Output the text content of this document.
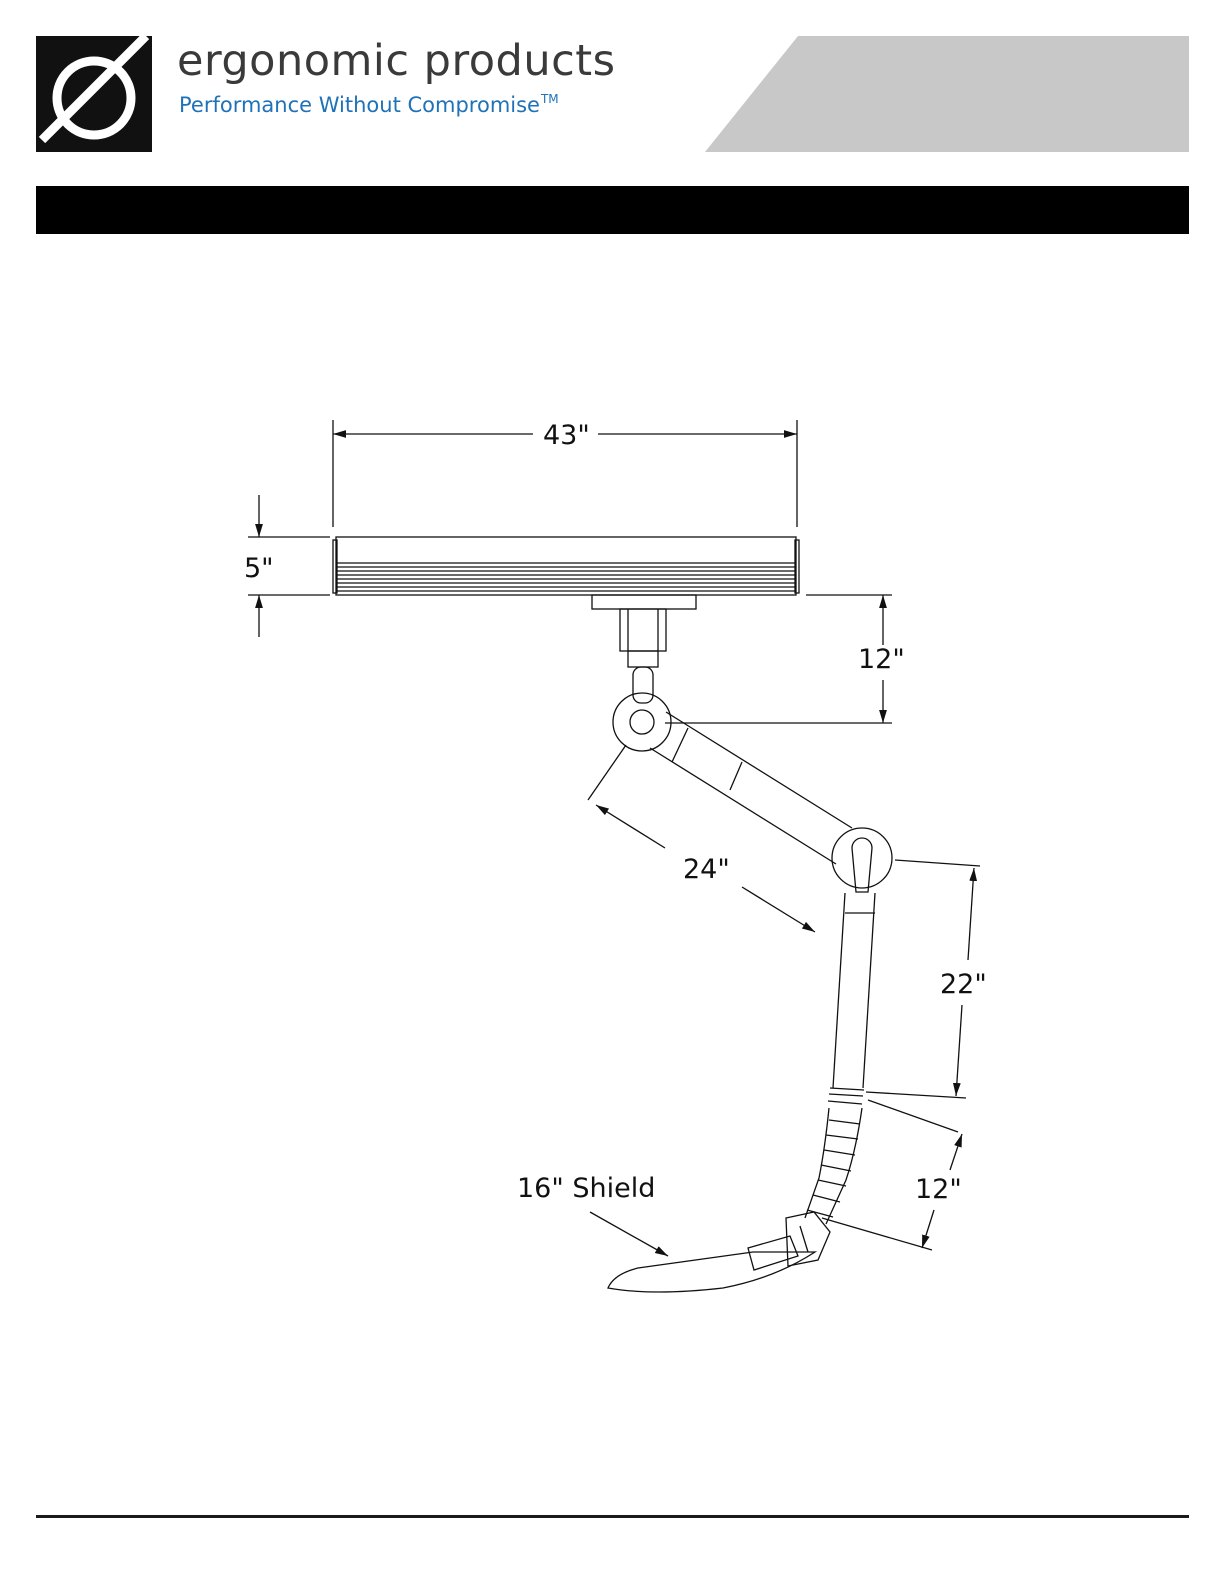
ergonomic products
Performance Without Compromise™
43"
5"
12"
24"
22"
12"
16" Shield
